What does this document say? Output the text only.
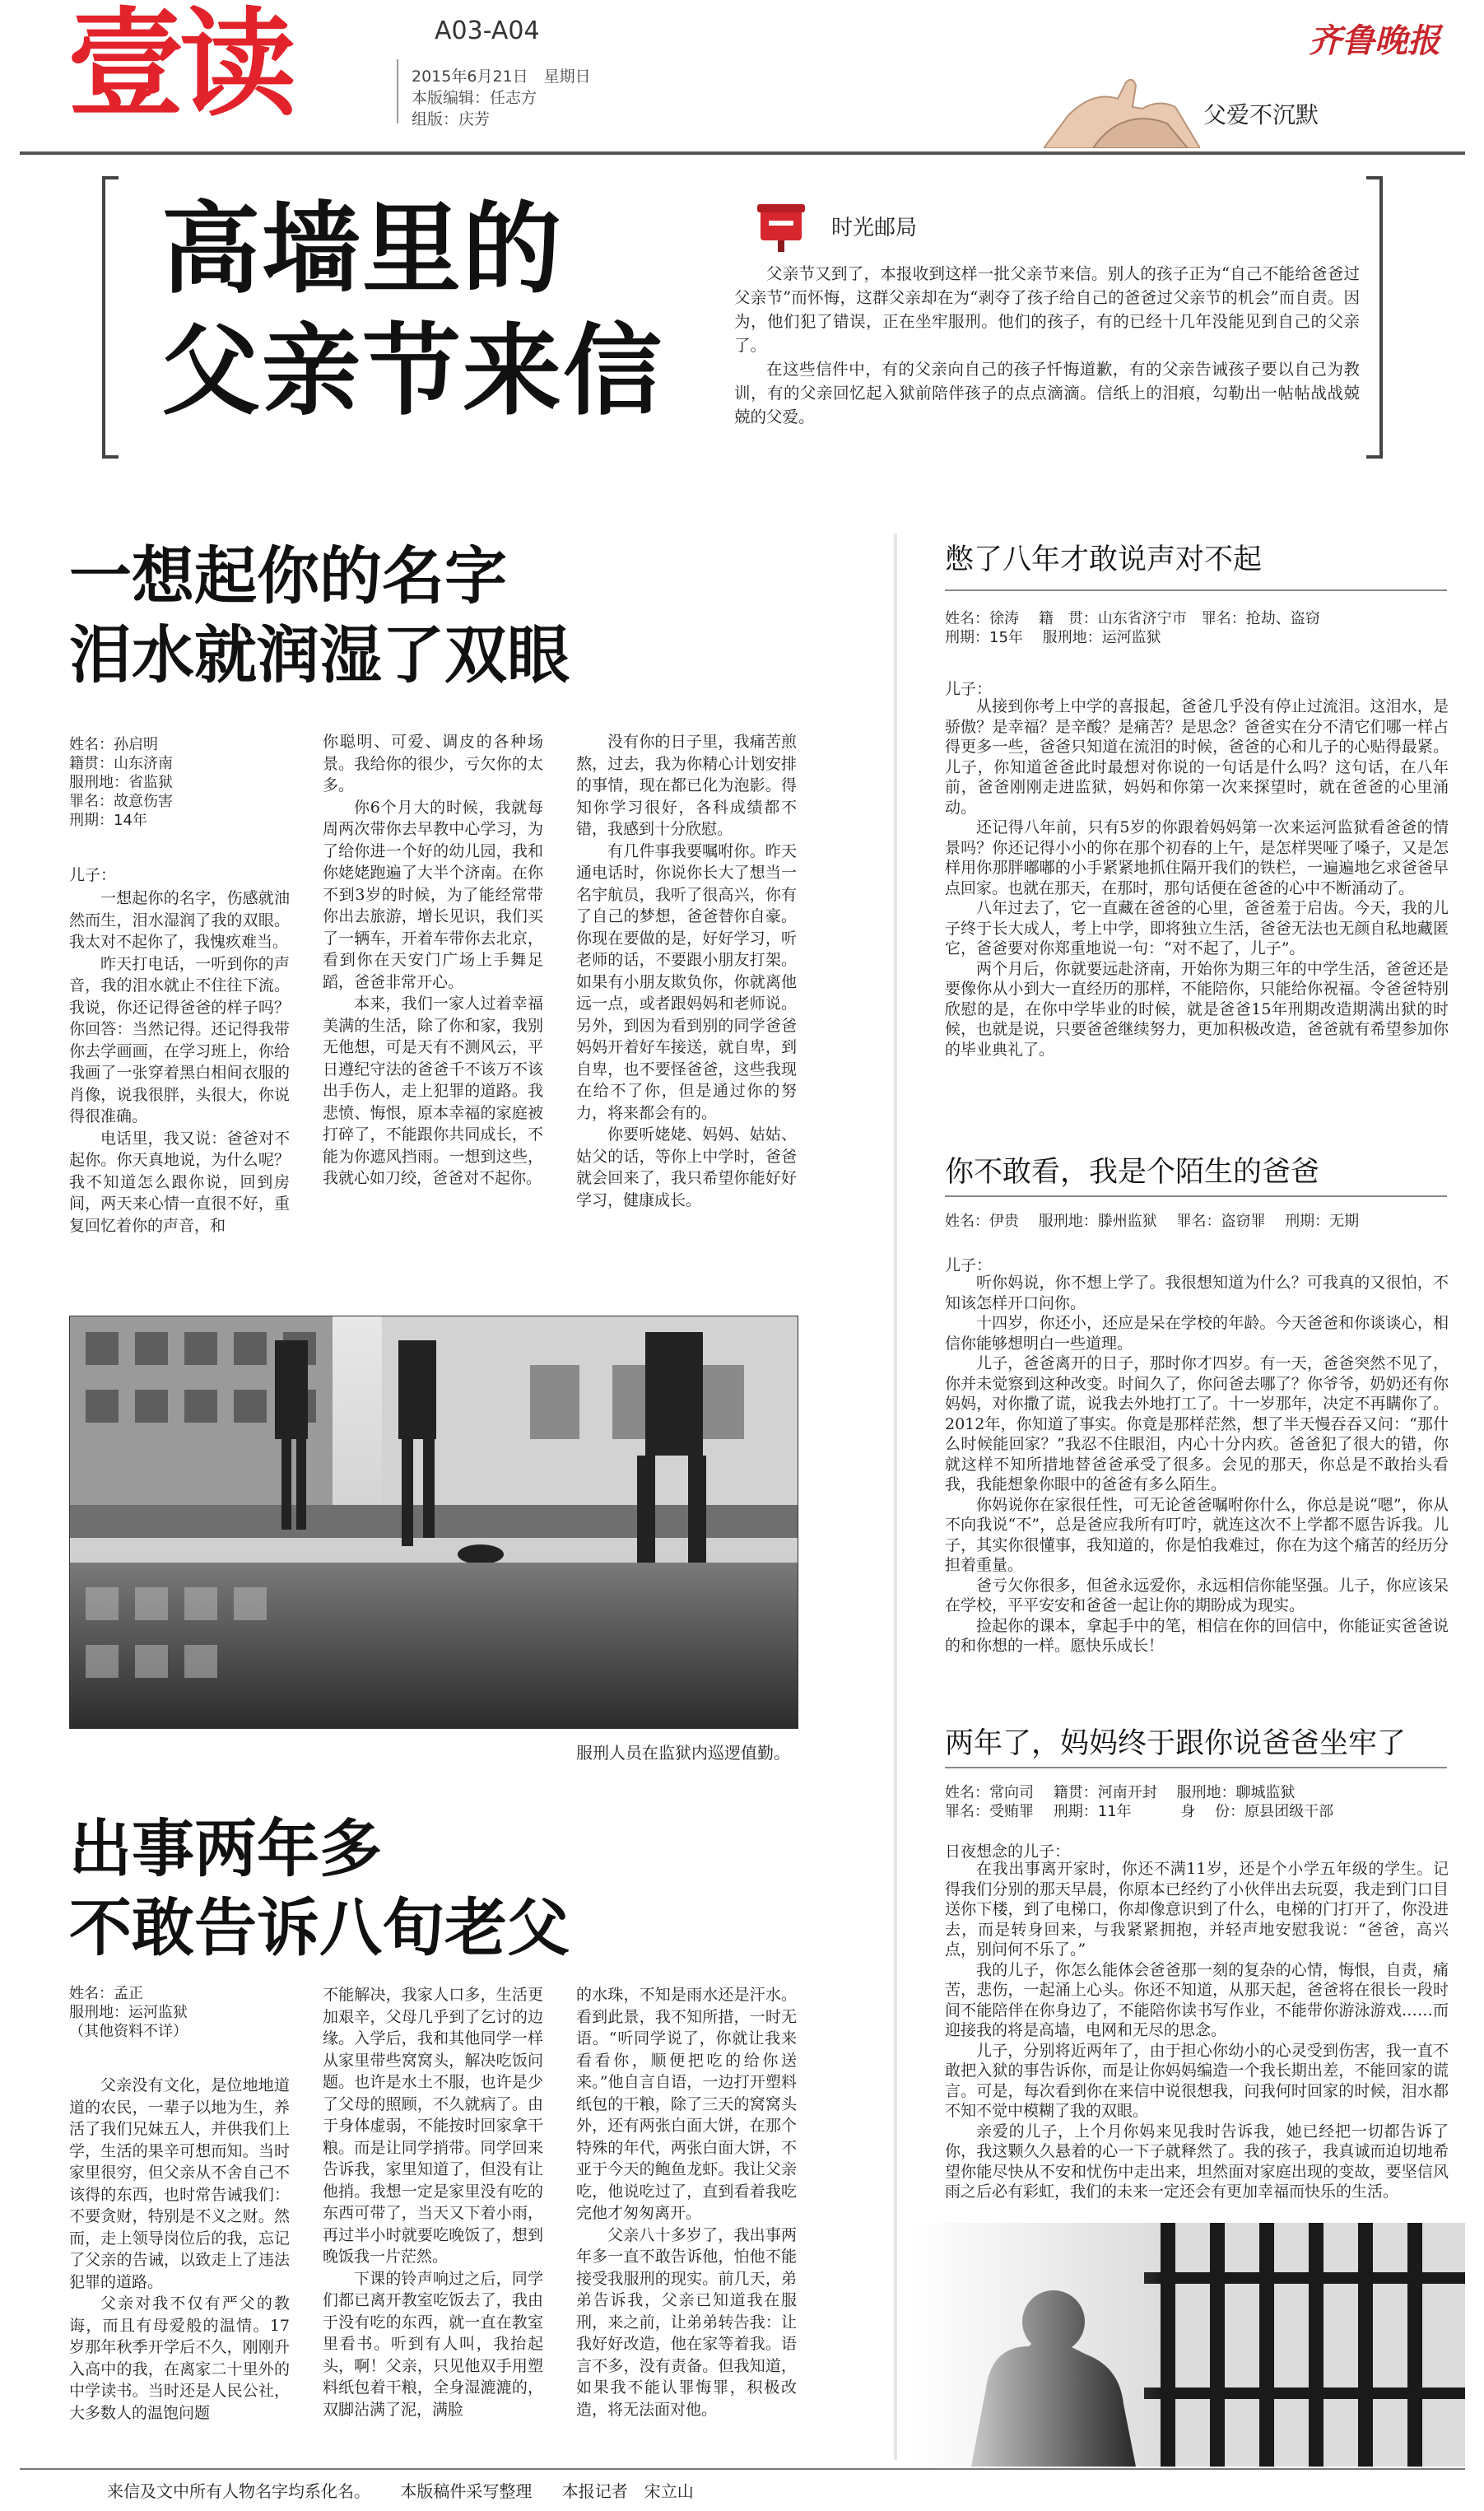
壹读	A03-A04
2015年6月21日　星期日
本版编辑：任志方
组版：庆芳
齐鲁晚报
父爱不沉默
高墙里的
父亲节来信
时光邮局

父亲节又到了，本报收到这样一批父亲节来信。别人的孩子正为“自己不能给爸爸过父亲节”而怀悔，这群父亲却在为“剥夺了孩子给自己的爸爸过父亲节的机会”而自责。因为，他们犯了错误，正在坐牢服刑。他们的孩子，有的已经十几年没能见到自己的父亲了。

在这些信件中，有的父亲向自己的孩子忏悔道歉，有的父亲告诫孩子要以自己为教训，有的父亲回忆起入狱前陪伴孩子的点点滴滴。信纸上的泪痕，勾勒出一帖帖战战兢兢的父爱。

一想起你的名字
泪水就润湿了双眼
姓名：孙启明
籍贯：山东济南
服刑地：省监狱
罪名：故意伤害
刑期：14年
儿子：

一想起你的名字，伤感就油然而生，泪水湿润了我的双眼。我太对不起你了，我愧疚难当。

昨天打电话，一听到你的声音，我的泪水就止不住往下流。我说，你还记得爸爸的样子吗？你回答：当然记得。还记得我带你去学画画，在学习班上，你给我画了一张穿着黑白相间衣服的肖像，说我很胖，头很大，你说得很准确。

电话里，我又说：爸爸对不起你。你天真地说，为什么呢？我不知道怎么跟你说，回到房间，两天来心情一直很不好，重复回忆着你的声音，和

你聪明、可爱、调皮的各种场景。我给你的很少，亏欠你的太多。

你6个月大的时候，我就每周两次带你去早教中心学习，为了给你进一个好的幼儿园，我和你姥姥跑遍了大半个济南。在你不到3岁的时候，为了能经常带你出去旅游，增长见识，我们买了一辆车，开着车带你去北京，看到你在天安门广场上手舞足蹈，爸爸非常开心。

本来，我们一家人过着幸福美满的生活，除了你和家，我别无他想，可是天有不测风云，平日遵纪守法的爸爸千不该万不该出手伤人，走上犯罪的道路。我悲愤、悔恨，原本幸福的家庭被打碎了，不能跟你共同成长，不能为你遮风挡雨。一想到这些，我就心如刀绞，爸爸对不起你。

没有你的日子里，我痛苦煎熬，过去，我为你精心计划安排的事情，现在都已化为泡影。得知你学习很好，各科成绩都不错，我感到十分欣慰。

有几件事我要嘱咐你。昨天通电话时，你说你长大了想当一名宇航员，我听了很高兴，你有了自己的梦想，爸爸替你自豪。你现在要做的是，好好学习，听老师的话，不要跟小朋友打架。如果有小朋友欺负你，你就离他远一点，或者跟妈妈和老师说。另外，到因为看到别的同学爸爸妈妈开着好车接送，就自卑，到自卑，也不要怪爸爸，这些我现在给不了你，但是通过你的努力，将来都会有的。

你要听姥姥、妈妈、姑姑、姑父的话，等你上中学时，爸爸就会回来了，我只希望你能好好学习，健康成长。

服刑人员在监狱内巡逻值勤。
出事两年多
不敢告诉八旬老父
姓名：孟正
服刑地：运河监狱
（其他资料不详）

父亲没有文化，是位地地道道的农民，一辈子以地为生，养活了我们兄妹五人，并供我们上学，生活的果辛可想而知。当时家里很穷，但父亲从不舍自己不该得的东西，也时常告诫我们：不要贪财，特别是不义之财。然而，走上领导岗位后的我，忘记了父亲的告诫，以致走上了违法犯罪的道路。

父亲对我不仅有严父的教诲，而且有母爱般的温情。17岁那年秋季开学后不久，刚刚升入高中的我，在离家二十里外的中学读书。当时还是人民公社，大多数人的温饱问题

不能解决，我家人口多，生活更加艰辛，父母几乎到了乞讨的边缘。入学后，我和其他同学一样从家里带些窝窝头，解决吃饭问题。也许是水土不服，也许是少了父母的照顾，不久就病了。由于身体虚弱，不能按时回家拿干粮。而是让同学捎带。同学回来告诉我，家里知道了，但没有让他捎。我想一定是家里没有吃的东西可带了，当天又下着小雨，再过半小时就要吃晚饭了，想到晚饭我一片茫然。

下课的铃声响过之后，同学们都已离开教室吃饭去了，我由于没有吃的东西，就一直在教室里看书。听到有人叫，我抬起头，啊！父亲，只见他双手用塑料纸包着干粮，全身湿漉漉的，双脚沾满了泥，满脸

的水珠，不知是雨水还是汗水。看到此景，我不知所措，一时无语。“听同学说了，你就让我来看看你，顺便把吃的给你送来。”他自言自语，一边打开塑料纸包的干粮，除了三天的窝窝头外，还有两张白面大饼，在那个特殊的年代，两张白面大饼，不亚于今天的鲍鱼龙虾。我让父亲吃，他说吃过了，直到看着我吃完他才匆匆离开。

父亲八十多岁了，我出事两年多一直不敢告诉他，怕他不能接受我服刑的现实。前几天，弟弟告诉我，父亲已知道我在服刑，来之前，让弟弟转告我：让我好好改造，他在家等着我。语言不多，没有责备。但我知道，如果我不能认罪悔罪，积极改造，将无法面对他。

憋了八年才敢说声对不起
姓名：徐涛　 籍　贯：山东省济宁市　罪名：抢劫、盗窃
刑期：15年　 服刑地：运河监狱
儿子：

从接到你考上中学的喜报起，爸爸几乎没有停止过流泪。这泪水，是骄傲？是幸福？是辛酸？是痛苦？是思念？爸爸实在分不清它们哪一样占得更多一些，爸爸只知道在流泪的时候，爸爸的心和儿子的心贴得最紧。儿子，你知道爸爸此时最想对你说的一句话是什么吗？这句话，在八年前，爸爸刚刚走进监狱，妈妈和你第一次来探望时，就在爸爸的心里涌动。

还记得八年前，只有5岁的你跟着妈妈第一次来运河监狱看爸爸的情景吗？你还记得小小的你在那个初春的上午，是怎样哭哑了嗓子，又是怎样用你那胖嘟嘟的小手紧紧地抓住隔开我们的铁栏，一遍遍地乞求爸爸早点回家。也就在那天，在那时，那句话便在爸爸的心中不断涌动了。

八年过去了，它一直藏在爸爸的心里，爸爸羞于启齿。今天，我的儿子终于长大成人，考上中学，即将独立生活，爸爸无法也无颜自私地藏匿它，爸爸要对你郑重地说一句：“对不起了，儿子”。

两个月后，你就要远赴济南，开始你为期三年的中学生活，爸爸还是要像你从小到大一直经历的那样，不能陪你，只能给你祝福。令爸爸特别欣慰的是，在你中学毕业的时候，就是爸爸15年刑期改造期满出狱的时候，也就是说，只要爸爸继续努力，更加积极改造，爸爸就有希望参加你的毕业典礼了。

你不敢看，我是个陌生的爸爸
姓名：伊贵　 服刑地：滕州监狱　 罪名：盗窃罪　 刑期：无期
儿子：

听你妈说，你不想上学了。我很想知道为什么？可我真的又很怕，不知该怎样开口问你。

十四岁，你还小，还应是呆在学校的年龄。今天爸爸和你谈谈心，相信你能够想明白一些道理。

儿子，爸爸离开的日子，那时你才四岁。有一天，爸爸突然不见了，你并未觉察到这种改变。时间久了，你问爸去哪了？你爷爷，奶奶还有你妈妈，对你撒了谎，说我去外地打工了。十一岁那年，决定不再瞒你了。2012年，你知道了事实。你竟是那样茫然，想了半天慢吞吞又问：“那什么时候能回家？”我忍不住眼泪，内心十分内疚。爸爸犯了很大的错，你就这样不知所措地替爸爸承受了很多。会见的那天，你总是不敢抬头看我，我能想象你眼中的爸爸有多么陌生。

你妈说你在家很任性，可无论爸爸嘱咐你什么，你总是说“嗯”，你从不向我说“不”，总是爸应我所有叮咛，就连这次不上学都不愿告诉我。儿子，其实你很懂事，我知道的，你是怕我难过，你在为这个痛苦的经历分担着重量。

爸亏欠你很多，但爸永远爱你，永远相信你能坚强。儿子，你应该呆在学校，平平安安和爸爸一起让你的期盼成为现实。

捡起你的课本，拿起手中的笔，相信在你的回信中，你能证实爸爸说的和你想的一样。愿快乐成长！

两年了，妈妈终于跟你说爸爸坐牢了
姓名：常向司　 籍贯：河南开封　 服刑地：聊城监狱
罪名：受贿罪　 刑期：11年　　　 身　 份：原县团级干部
日夜想念的儿子：

在我出事离开家时，你还不满11岁，还是个小学五年级的学生。记得我们分别的那天早晨，你原本已经约了小伙伴出去玩耍，我走到门口目送你下楼，到了电梯口，你却像意识到了什么，电梯的门打开了，你没进去，而是转身回来，与我紧紧拥抱，并轻声地安慰我说：“爸爸，高兴点，别问何不乐了。”

我的儿子，你怎么能体会爸爸那一刻的复杂的心情，悔恨，自责，痛苦，悲伤，一起涌上心头。你还不知道，从那天起，爸爸将在很长一段时间不能陪伴在你身边了，不能陪你读书写作业，不能带你游泳游戏……而迎接我的将是高墙，电网和无尽的思念。

儿子，分别将近两年了，由于担心你幼小的心灵受到伤害，我一直不敢把入狱的事告诉你，而是让你妈妈编造一个我长期出差，不能回家的谎言。可是，每次看到你在来信中说很想我，问我何时回家的时候，泪水都不知不觉中模糊了我的双眼。

亲爱的儿子，上个月你妈来见我时告诉我，她已经把一切都告诉了你，我这颗久久悬着的心一下子就释然了。我的孩子，我真诚而迫切地希望你能尽快从不安和忧伤中走出来，坦然面对家庭出现的变故，要坚信风雨之后必有彩虹，我们的未来一定还会有更加幸福而快乐的生活。

来信及文中所有人物名字均系化名。 本版稿件采写整理 本报记者　宋立山
